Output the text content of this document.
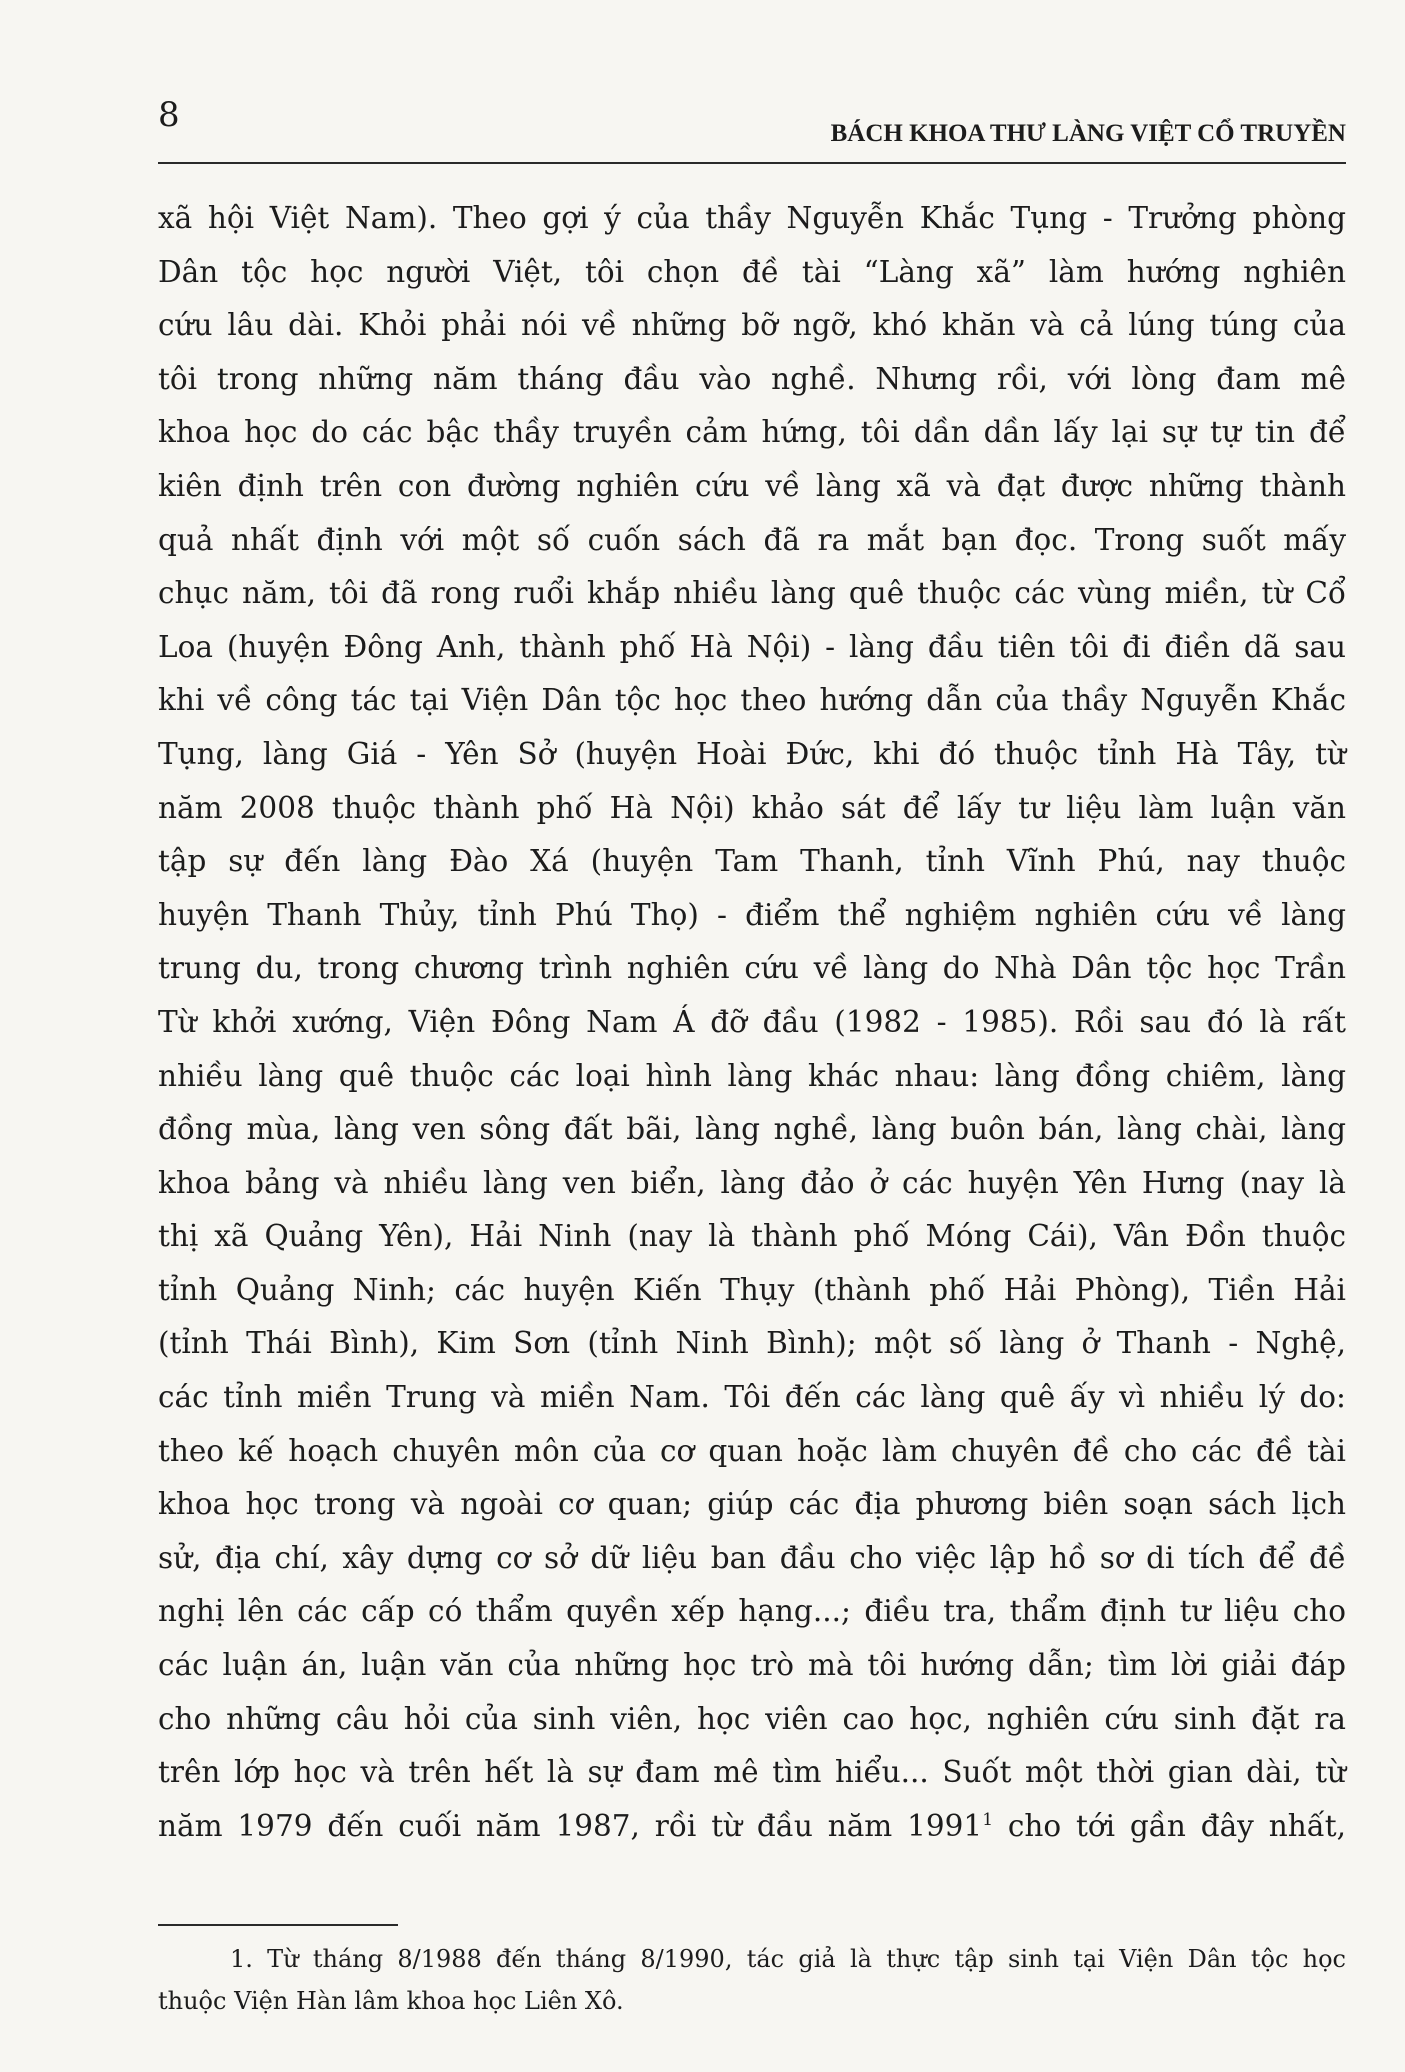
8	BÁCH KHOA THƯ LÀNG VIỆT CỔ TRUYỀN
xã hội Việt Nam). Theo gợi ý của thầy Nguyễn Khắc Tụng - Trưởng phòng
Dân tộc học người Việt, tôi chọn đề tài “Làng xã” làm hướng nghiên
cứu lâu dài. Khỏi phải nói về những bỡ ngỡ, khó khăn và cả lúng túng của
tôi trong những năm tháng đầu vào nghề. Nhưng rồi, với lòng đam mê
khoa học do các bậc thầy truyền cảm hứng, tôi dần dần lấy lại sự tự tin để
kiên định trên con đường nghiên cứu về làng xã và đạt được những thành
quả nhất định với một số cuốn sách đã ra mắt bạn đọc. Trong suốt mấy
chục năm, tôi đã rong ruổi khắp nhiều làng quê thuộc các vùng miền, từ Cổ
Loa (huyện Đông Anh, thành phố Hà Nội) - làng đầu tiên tôi đi điền dã sau
khi về công tác tại Viện Dân tộc học theo hướng dẫn của thầy Nguyễn Khắc
Tụng, làng Giá - Yên Sở (huyện Hoài Đức, khi đó thuộc tỉnh Hà Tây, từ
năm 2008 thuộc thành phố Hà Nội) khảo sát để lấy tư liệu làm luận văn
tập sự đến làng Đào Xá (huyện Tam Thanh, tỉnh Vĩnh Phú, nay thuộc
huyện Thanh Thủy, tỉnh Phú Thọ) - điểm thể nghiệm nghiên cứu về làng
trung du, trong chương trình nghiên cứu về làng do Nhà Dân tộc học Trần
Từ khởi xướng, Viện Đông Nam Á đỡ đầu (1982 - 1985). Rồi sau đó là rất
nhiều làng quê thuộc các loại hình làng khác nhau: làng đồng chiêm, làng
đồng mùa, làng ven sông đất bãi, làng nghề, làng buôn bán, làng chài, làng
khoa bảng và nhiều làng ven biển, làng đảo ở các huyện Yên Hưng (nay là
thị xã Quảng Yên), Hải Ninh (nay là thành phố Móng Cái), Vân Đồn thuộc
tỉnh Quảng Ninh; các huyện Kiến Thụy (thành phố Hải Phòng), Tiền Hải
(tỉnh Thái Bình), Kim Sơn (tỉnh Ninh Bình); một số làng ở Thanh - Nghệ,
các tỉnh miền Trung và miền Nam. Tôi đến các làng quê ấy vì nhiều lý do:
theo kế hoạch chuyên môn của cơ quan hoặc làm chuyên đề cho các đề tài
khoa học trong và ngoài cơ quan; giúp các địa phương biên soạn sách lịch
sử, địa chí, xây dựng cơ sở dữ liệu ban đầu cho việc lập hồ sơ di tích để đề
nghị lên các cấp có thẩm quyền xếp hạng...; điều tra, thẩm định tư liệu cho
các luận án, luận văn của những học trò mà tôi hướng dẫn; tìm lời giải đáp
cho những câu hỏi của sinh viên, học viên cao học, nghiên cứu sinh đặt ra
trên lớp học và trên hết là sự đam mê tìm hiểu... Suốt một thời gian dài, từ
năm 1979 đến cuối năm 1987, rồi từ đầu năm 1991$^1$ cho tới gần đây nhất,
1. Từ tháng 8/1988 đến tháng 8/1990, tác giả là thực tập sinh tại Viện Dân tộc học
thuộc Viện Hàn lâm khoa học Liên Xô.
